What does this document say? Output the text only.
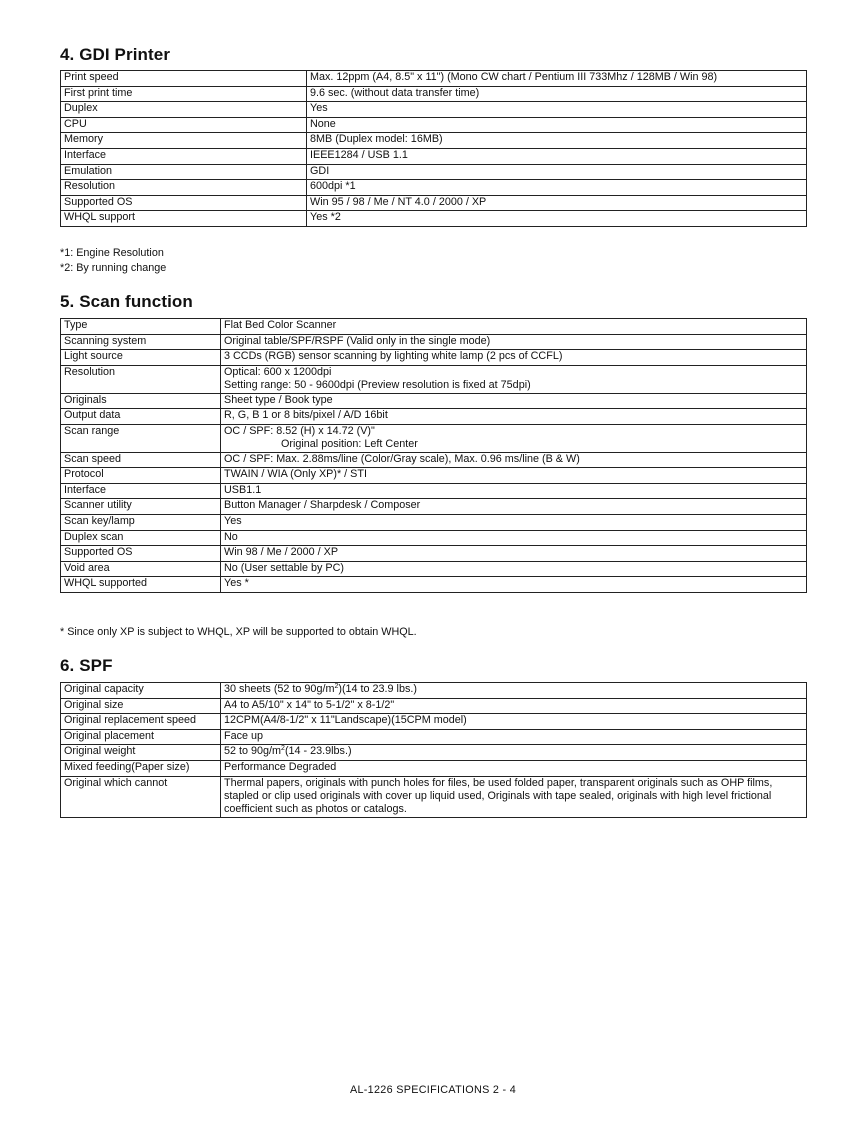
4. GDI Printer
Print speed	Max. 12ppm (A4, 8.5" x 11") (Mono CW chart / Pentium III 733Mhz / 128MB / Win 98)
First print time	9.6 sec. (without data transfer time)
Duplex	Yes
CPU	None
Memory	8MB (Duplex model: 16MB)
Interface	IEEE1284 / USB 1.1
Emulation	GDI
Resolution	600dpi *1
Supported OS	Win 95 / 98 / Me / NT 4.0 / 2000 / XP
WHQL support	Yes *2

*1: Engine Resolution

*2: By running change

5. Scan function
Type	Flat Bed Color Scanner
Scanning system	Original table/SPF/RSPF (Valid only in the single mode)
Light source	3 CCDs (RGB) sensor scanning by lighting white lamp (2 pcs of CCFL)
Resolution	Optical: 600 x 1200dpi
Setting range: 50 - 9600dpi (Preview resolution is fixed at 75dpi)

Originals	Sheet type / Book type
Output data	R, G, B 1 or 8 bits/pixel / A/D 16bit
Scan range	OC / SPF: 8.52 (H) x 14.72 (V)"
Original position: Left Center

Scan speed	OC / SPF: Max. 2.88ms/line (Color/Gray scale), Max. 0.96 ms/line (B & W)
Protocol	TWAIN / WIA (Only XP)* / STI
Interface	USB1.1
Scanner utility	Button Manager / Sharpdesk / Composer
Scan key/lamp	Yes
Duplex scan	No
Supported OS	Win 98 / Me / 2000 / XP
Void area	No (User settable by PC)
WHQL supported	Yes *

* Since only XP is subject to WHQL, XP will be supported to obtain WHQL.

6. SPF
Original capacity	30 sheets (52 to $90g/m^2)(14$ to 23.9 lbs.)
Original size	A4 to A5/10" x 14" to 5-1/2" x 8-1/2"
Original replacement speed	12CPM(A4/8-1/2" x 11"Landscape)(15CPM model)
Original placement	Face up
Original weight	52 to $90g/m^2(14 - 23.9lbs.)$
Mixed feeding(Paper size)	Performance Degraded
Original which cannot	Thermal papers, originals with punch holes for files, be used folded paper, transparent originals such as OHP films,
stapled or clip used originals with cover up liquid used, Originals with tape sealed, originals with high level frictional
coefficient such as photos or catalogs.
AL-1226 SPECIFICATIONS 2 - 4
